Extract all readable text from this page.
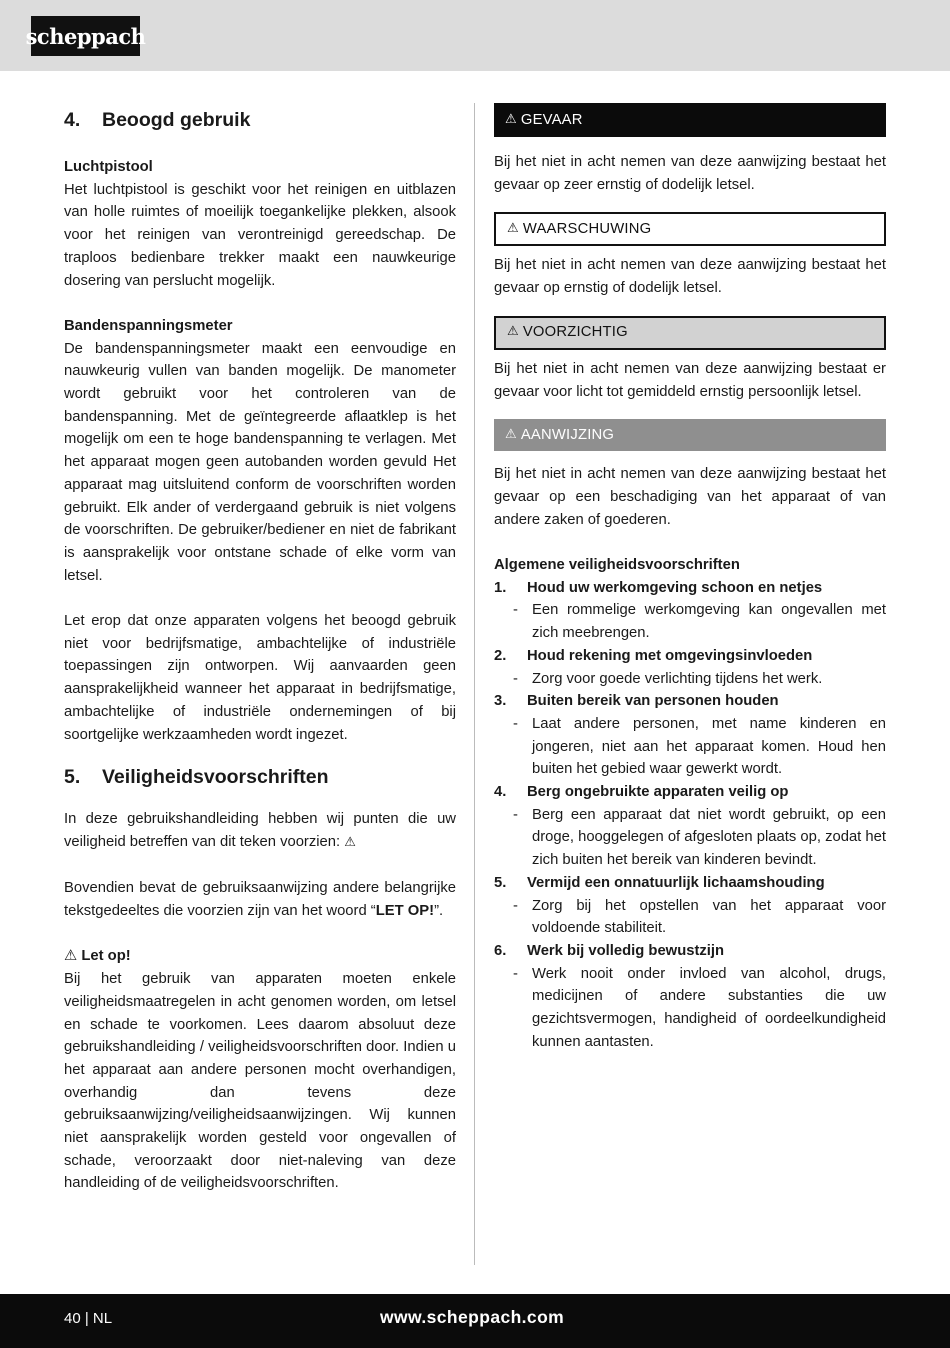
scheppach
4.	Beoogd gebruik
Luchtpistool

Het luchtpistool is geschikt voor het reinigen en uitblazen van holle ruimtes of moeilijk toegankelijke plekken, alsook voor het reinigen van verontreinigd gereedschap. De traploos bedienbare trekker maakt een nauwkeurige dosering van perslucht mogelijk.

Bandenspanningsmeter

De bandenspanningsmeter maakt een eenvoudige en nauwkeurig vullen van banden mogelijk. De manometer wordt gebruikt voor het controleren van de bandenspanning. Met de geïntegreerde aflaatklep is het mogelijk om een te hoge bandenspanning te verlagen. Met het apparaat mogen geen autobanden worden gevuld Het apparaat mag uitsluitend conform de voorschriften worden gebruikt. Elk ander of verdergaand gebruik is niet volgens de voorschriften. De gebruiker/bediener en niet de fabrikant is aansprakelijk voor ontstane schade of elke vorm van letsel.

Let erop dat onze apparaten volgens het beoogd gebruik niet voor bedrijfsmatige, ambachtelijke of industriële toepassingen zijn ontworpen. Wij aanvaarden geen aansprakelijkheid wanneer het apparaat in bedrijfsmatige, ambachtelijke of industriële ondernemingen of bij soortgelijke werkzaamheden wordt ingezet.

5.	Veiligheidsvoorschriften

In deze gebruikshandleiding hebben wij punten die uw veiligheid betreffen van dit teken voorzien: ⚠

Bovendien bevat de gebruiksaanwijzing andere belangrijke tekstgedeeltes die voorzien zijn van het woord “LET OP!”.

⚠ Let op!

Bij het gebruik van apparaten moeten enkele veiligheidsmaatregelen in acht genomen worden, om letsel en schade te voorkomen. Lees daarom absoluut deze gebruikshandleiding / veiligheidsvoorschriften door. Indien u het apparaat aan andere personen mocht overhandigen, overhandig dan tevens deze gebruiksaanwijzing/veiligheidsaanwijzingen. Wij kunnen niet aansprakelijk worden gesteld voor ongevallen of schade, veroorzaakt door niet-naleving van deze handleiding of de veiligheidsvoorschriften.

⚠ GEVAAR

Bij het niet in acht nemen van deze aanwijzing bestaat het gevaar op zeer ernstig of dodelijk letsel.

⚠ WAARSCHUWING

Bij het niet in acht nemen van deze aanwijzing bestaat het gevaar op ernstig of dodelijk letsel.

⚠ VOORZICHTIG

Bij het niet in acht nemen van deze aanwijzing bestaat er gevaar voor licht tot gemiddeld ernstig persoonlijk letsel.

⚠ AANWIJZING

Bij het niet in acht nemen van deze aanwijzing bestaat het gevaar op een beschadiging van het apparaat of van andere zaken of goederen.

Algemene veiligheidsvoorschriften
1.	Houd uw werkomgeving schoon en netjes
- Een rommelige werkomgeving kan ongevallen met zich meebrengen.
2.	Houd rekening met omgevingsinvloeden
- Zorg voor goede verlichting tijdens het werk.
3.	Buiten bereik van personen houden
- Laat andere personen, met name kinderen en jongeren, niet aan het apparaat komen. Houd hen buiten het gebied waar gewerkt wordt.
4.	Berg ongebruikte apparaten veilig op
- Berg een apparaat dat niet wordt gebruikt, op een droge, hooggelegen of afgesloten plaats op, zodat het zich buiten het bereik van kinderen bevindt.
5.	Vermijd een onnatuurlijk lichaamshouding
- Zorg bij het opstellen van het apparaat voor voldoende stabiliteit.
6.	Werk bij volledig bewustzijn
- Werk nooit onder invloed van alcohol, drugs, medicijnen of andere substanties die uw gezichtsvermogen, handigheid of oordeelkundigheid kunnen aantasten.
40 | NL	www.scheppach.com
